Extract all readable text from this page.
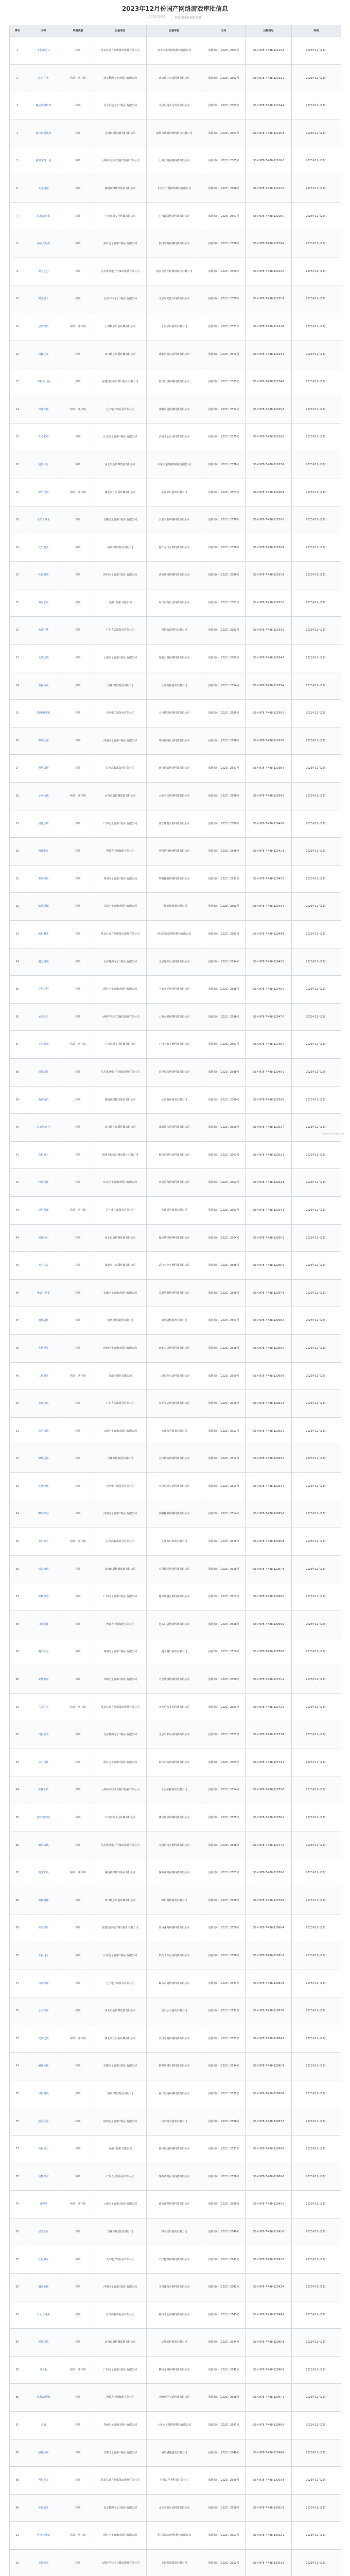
2023年12月份国产网络游戏审批信息
2023-12-22	来源:国家新闻出版署
序号	名称	申报类别	出版单位	运营单位	文号	出版物号	时间
1	不朽新纪元	移动	黑龙江北方新媒体出版社有限公司	黑龙江鑫网网络科技有限公司	国新出审〔2023〕2561号	ISBN 978-7-498-12912-5	2023年12月22日
2	拉比·卡卡	移动、客户端	北京科海电子出版社有限公司	北京晨沐互动科技有限公司	国新出审〔2023〕2562号	ISBN 978-7-498-12913-2	2023年12月22日
3	魔法战旗传奇	移动	北京伯通电子出版社有限公司	北京伯通文化发展有限公司	国新出审〔2023〕2563号	ISBN 978-7-498-12914-9	2023年12月22日
4	蓝空雷霆战机	移动	江西海视网络科技有限公司	深圳市乐游吧网络科技有限公司	国新出审〔2023〕2564号	ISBN 978-7-498-12915-6	2023年12月22日
5	我的宠物一局	移动	上海科学技术文献出版社有限公司	上海有情网络科技有限公司	国新出审〔2023〕2565号	ISBN 978-7-498-12916-3	2023年12月22日
6	天龙问道	移动	湖南新媒体出版社有限公司	长沙天行健网络科技有限公司	国新出审〔2023〕2566号	ISBN 978-7-498-12917-0	2023年12月22日
7	疯狂消消乐	移动	广州市新文化传媒有限公司	广州趣玩网络科技有限公司	国新出审〔2023〕2567号	ISBN 978-7-498-12918-7	2023年12月22日
8	萌宠大作战	移动	浙江电子音像出版社有限公司	杭州乐萌网络科技有限公司	国新出审〔2023〕2568号	ISBN 978-7-498-12919-4	2023年12月22日
9	勇士之心	移动	江苏凤凰电子音像出版社有限公司	南京星河互娱网络科技有限公司	国新出审〔2023〕2569号	ISBN 978-7-498-12920-0	2023年12月22日
10	时光旅人	移动	北京中科电子出版社有限公司	北京时光旅人科技有限公司	国新出审〔2023〕2570号	ISBN 978-7-498-12921-7	2023年12月22日
11	星辰物语	移动、客户端	上海数字出版传媒有限公司	上海星辰游戏有限公司	国新出审〔2023〕2571号	ISBN 978-7-498-12922-4	2023年12月22日
12	闪耀之光	移动	四川数字出版传媒有限公司	成都闪耀互动科技有限公司	国新出审〔2023〕2572号	ISBN 978-7-498-12923-1	2023年12月22日
13	幻想骑士团	移动	福建省海峡音像出版社有限公司	厦门幻想网络科技有限公司	国新出审〔2023〕2573号	ISBN 978-7-498-12924-8	2023年12月22日
14	奇迹大陆	移动、客户端	辽宁电子出版社有限公司	沈阳奇迹网络科技有限公司	国新出审〔2023〕2574号	ISBN 978-7-498-12925-5	2023年12月22日
15	开心农场	移动	山东电子音像出版社有限公司	济南开心互动科技有限公司	国新出审〔2023〕2575号	ISBN 978-7-498-12926-2	2023年12月22日
16	逆战三国	移动	河北出版传媒集团有限公司	石家庄逆战网络科技有限公司	国新出审〔2023〕2576号	ISBN 978-7-498-12927-9	2023年12月22日
17	梦幻花园	移动、客户端	湖北长江出版传媒有限公司	武汉梦幻游戏有限公司	国新出审〔2023〕2577号	ISBN 978-7-498-12928-6	2023年12月22日
18	火柴人战争	移动	安徽电子音像出版社有限公司	合肥火柴网络科技有限公司	国新出审〔2023〕2578号	ISBN 978-7-498-12929-3	2023年12月22日
19	元气突击	移动	重庆出版集团有限公司	重庆元气互娱科技有限公司	国新出审〔2023〕2579号	ISBN 978-7-498-12930-9	2023年12月22日
20	疾风剑客	移动	陕西电子音像出版社有限公司	西安疾风网络科技有限公司	国新出审〔2023〕2580号	ISBN 978-7-498-12931-6	2023年12月22日
21	海岛求生	移动	海南出版社有限公司	海口海岛互动科技有限公司	国新出审〔2023〕2581号	ISBN 978-7-498-12932-3	2023年12月22日
22	欢乐斗牌	移动	广东人民出版社有限公司	深圳欢乐科技有限公司	国新出审〔2023〕2582号	ISBN 978-7-498-12933-0	2023年12月22日
23	云端之城	移动	云南电子音像出版社有限公司	昆明云端网络科技有限公司	国新出审〔2023〕2583号	ISBN 978-7-498-12934-7	2023年12月22日
24	龙脉传说	移动	吉林出版集团有限公司	长春龙脉游戏有限公司	国新出审〔2023〕2584号	ISBN 978-7-498-12935-4	2023年12月22日
25	猫咪咖啡馆	移动	天津电子出版社有限公司	天津猫咪网络科技有限公司	国新出审〔2023〕2585号	ISBN 978-7-498-12936-1	2023年12月22日
26	神域征途	移动	河南电子音像出版社有限公司	郑州神域互动科技有限公司	国新出审〔2023〕2586号	ISBN 978-7-498-12937-8	2023年12月22日
27	烈焰战神	移动	江西高校出版社有限公司	南昌烈焰网络科技有限公司	国新出审〔2023〕2587号	ISBN 978-7-498-12938-5	2023年12月22日
28	小兵快跑	移动、客户端	山西出版传媒集团有限公司	太原小兵网络科技有限公司	国新出审〔2023〕2588号	ISBN 978-7-498-12939-2	2023年12月22日
29	甜蜜小镇	移动	广西电子音像出版社有限公司	南宁甜蜜互娱科技有限公司	国新出审〔2023〕2589号	ISBN 978-7-498-12940-8	2023年12月22日
30	极速赛车	移动	内蒙古出版集团有限公司	呼和浩特极速科技有限公司	国新出审〔2023〕2590号	ISBN 978-7-498-12941-5	2023年12月22日
31	像素冒险	移动	贵州电子音像出版社有限公司	贵阳像素网络科技有限公司	国新出审〔2023〕2591号	ISBN 978-7-498-12942-2	2023年12月22日
32	仙境奇缘	移动	甘肃电子音像出版社有限公司	兰州仙境游戏有限公司	国新出审〔2023〕2592号	ISBN 978-7-498-12943-9	2023年12月22日
33	暗影刺客	移动	黑龙江北方新媒体出版社有限公司	哈尔滨暗影网络科技有限公司	国新出审〔2023〕2593号	ISBN 978-7-498-12944-6	2023年12月22日
34	魔方迷城	移动	北京科海电子出版社有限公司	北京魔方互动科技有限公司	国新出审〔2023〕2594号	ISBN 978-7-498-12945-3	2023年12月22日
35	守护之塔	移动	浙江电子音像出版社有限公司	宁波守护网络科技有限公司	国新出审〔2023〕2595号	ISBN 978-7-498-12946-0	2023年12月22日
36	水果大亨	移动	上海科学技术文献出版社有限公司	上海水果网络科技有限公司	国新出审〔2023〕2596号	ISBN 978-7-498-12947-7	2023年12月22日
37	王者荣光	移动、客户端	广州市新文化传媒有限公司	广州王者互娱科技有限公司	国新出审〔2023〕2597号	ISBN 978-7-498-12948-4	2023年12月22日
38	星际远征	移动	江苏凤凰电子音像出版社有限公司	苏州星际网络科技有限公司	国新出审〔2023〕2598号	ISBN 978-7-498-12949-1	2023年12月22日
39	萌萌消消	移动	湖南新媒体出版社有限公司	长沙萌萌游戏有限公司	国新出审〔2023〕2599号	ISBN 978-7-498-12950-7	2023年12月22日
40	江湖侠客行	移动	四川数字出版传媒有限公司	成都侠客网络科技有限公司	国新出审〔2023〕2600号	ISBN 978-7-498-12951-4	2023年12月22日
41	荒野猎人	移动	福建省海峡音像出版社有限公司	福州荒野互动科技有限公司	国新出审〔2023〕2601号	ISBN 978-7-498-12952-1	2023年12月22日
42	钓鱼大师	移动	山东电子音像出版社有限公司	青岛钓鱼网络科技有限公司	国新出审〔2023〕2602号	ISBN 978-7-498-12953-8	2023年12月22日
43	机甲风暴	移动、客户端	辽宁电子出版社有限公司	大连机甲游戏有限公司	国新出审〔2023〕2603号	ISBN 978-7-498-12954-5	2023年12月22日
44	妖怪宝可	移动	河北出版传媒集团有限公司	保定妖怪网络科技有限公司	国新出审〔2023〕2604号	ISBN 978-7-498-12955-2	2023年12月22日
45	天空之岛	移动	湖北长江出版传媒有限公司	武汉天空互娱科技有限公司	国新出审〔2023〕2605号	ISBN 978-7-498-12956-9	2023年12月22日
46	勇者斗恶龙	移动	安徽电子音像出版社有限公司	芜湖勇者网络科技有限公司	国新出审〔2023〕2606号	ISBN 978-7-498-12957-6	2023年12月22日
47	超级厨师	移动	重庆出版集团有限公司	重庆厨师游戏有限公司	国新出审〔2023〕2607号	ISBN 978-7-498-12958-3	2023年12月22日
48	方块世界	移动	陕西电子音像出版社有限公司	西安方块网络科技有限公司	国新出审〔2023〕2608号	ISBN 978-7-498-12959-0	2023年12月22日
49	三国群英	移动、客户端	海南出版社有限公司	三亚群英互动科技有限公司	国新出审〔2023〕2609号	ISBN 978-7-498-12960-6	2023年12月22日
50	幸运转盘	移动	广东人民出版社有限公司	东莞幸运网络科技有限公司	国新出审〔2023〕2610号	ISBN 978-7-498-12961-3	2023年12月22日
51	冰雪奇境	移动	云南电子音像出版社有限公司	大理冰雪游戏有限公司	国新出审〔2023〕2611号	ISBN 978-7-498-12962-0	2023年12月22日
52	修仙之路	移动	吉林出版集团有限公司	吉林修仙网络科技有限公司	国新出审〔2023〕2612号	ISBN 978-7-498-12963-7	2023年12月22日
53	足球经理	移动	天津电子出版社有限公司	天津足球互动科技有限公司	国新出审〔2023〕2613号	ISBN 978-7-498-12964-4	2023年12月22日
54	糖果派对	移动	河南电子音像出版社有限公司	洛阳糖果网络科技有限公司	国新出审〔2023〕2614号	ISBN 978-7-498-12965-1	2023年12月22日
55	末日求生	移动、客户端	江西高校出版社有限公司	九江末日游戏有限公司	国新出审〔2023〕2615号	ISBN 978-7-498-12966-8	2023年12月22日
56	精灵物语	移动	山西出版传媒集团有限公司	大同精灵网络科技有限公司	国新出审〔2023〕2616号	ISBN 978-7-498-12967-5	2023年12月22日
57	战舰世界	移动	广西电子音像出版社有限公司	桂林战舰互娱科技有限公司	国新出审〔2023〕2617号	ISBN 978-7-498-12968-2	2023年12月22日
58	口袋英雄	移动	内蒙古出版集团有限公司	包头口袋网络科技有限公司	国新出审〔2023〕2618号	ISBN 978-7-498-12969-9	2023年12月22日
59	魔幻纪元	移动	贵州电子音像出版社有限公司	遵义魔幻游戏有限公司	国新出审〔2023〕2619号	ISBN 978-7-498-12970-5	2023年12月22日
60	梦想家园	移动	甘肃电子音像出版社有限公司	天水梦想网络科技有限公司	国新出审〔2023〕2620号	ISBN 978-7-498-12971-2	2023年12月22日
61	飞龙在天	移动、客户端	黑龙江北方新媒体出版社有限公司	齐齐哈尔飞龙科技有限公司	国新出审〔2023〕2621号	ISBN 978-7-498-12972-9	2023年12月22日
62	幻影忍者	移动	北京科海电子出版社有限公司	北京幻影互动科技有限公司	国新出审〔2023〕2622号	ISBN 978-7-498-12973-6	2023年12月22日
63	宝石迷阵	移动	浙江电子音像出版社有限公司	温州宝石网络科技有限公司	国新出审〔2023〕2623号	ISBN 978-7-498-12974-3	2023年12月22日
64	武林外传	移动	上海科学技术文献出版社有限公司	上海武林游戏有限公司	国新出审〔2023〕2624号	ISBN 978-7-498-12975-0	2023年12月22日
65	城市建造师	移动	广州市新文化传媒有限公司	佛山城市网络科技有限公司	国新出审〔2023〕2625号	ISBN 978-7-498-12976-7	2023年12月22日
66	银河战线	移动	江苏凤凰电子音像出版社有限公司	无锡银河互娱科技有限公司	国新出审〔2023〕2626号	ISBN 978-7-498-12977-4	2023年12月22日
67	萌宠农场	移动、客户端	湖南新媒体出版社有限公司	株洲萌宠网络科技有限公司	国新出审〔2023〕2627号	ISBN 978-7-498-12978-1	2023年12月22日
68	剑侠情缘	移动	四川数字出版传媒有限公司	绵阳剑侠游戏有限公司	国新出审〔2023〕2628号	ISBN 978-7-498-12979-8	2023年12月22日
69	深海探险	移动	福建省海峡音像出版社有限公司	泉州深海网络科技有限公司	国新出审〔2023〕2629号	ISBN 978-7-498-12980-4	2023年12月22日
70	全民飞车	移动	山东电子音像出版社有限公司	烟台飞车互动科技有限公司	国新出审〔2023〕2630号	ISBN 978-7-498-12981-1	2023年12月22日
71	古剑奇谭	移动	辽宁电子出版社有限公司	鞍山古剑网络科技有限公司	国新出审〔2023〕2631号	ISBN 978-7-498-12982-8	2023年12月22日
72	小小军团	移动	河北出版传媒集团有限公司	唐山小小游戏有限公司	国新出审〔2023〕2632号	ISBN 978-7-498-12983-5	2023年12月22日
73	光明之战	移动、客户端	湖北长江出版传媒有限公司	宜昌光明网络科技有限公司	国新出审〔2023〕2633号	ISBN 978-7-498-12984-2	2023年12月22日
74	麻将大师	移动	安徽电子音像出版社有限公司	蚌埠麻将互娱科技有限公司	国新出审〔2023〕2634号	ISBN 978-7-498-12985-9	2023年12月22日
75	冒险岛屿	移动	重庆出版集团有限公司	重庆岛屿网络科技有限公司	国新出审〔2023〕2635号	ISBN 978-7-498-12986-6	2023年12月22日
76	指尖乐园	移动	陕西电子音像出版社有限公司	宝鸡指尖游戏有限公司	国新出审〔2023〕2636号	ISBN 978-7-498-12987-3	2023年12月22日
77	战国风云	移动	海南出版社有限公司	儋州战国网络科技有限公司	国新出审〔2023〕2637号	ISBN 978-7-498-12988-0	2023年12月22日
78	动物派对	移动	广东人民出版社有限公司	珠海动物互动科技有限公司	国新出审〔2023〕2638号	ISBN 978-7-498-12989-7	2023年12月22日
79	弹弹堂	移动、客户端	云南电子音像出版社有限公司	曲靖弹弹网络科技有限公司	国新出审〔2023〕2639号	ISBN 978-7-498-12990-3	2023年12月22日
80	星语心愿	移动	吉林出版集团有限公司	四平星语游戏有限公司	国新出审〔2023〕2640号	ISBN 978-7-498-12991-0	2023年12月22日
81	狂野飙车	移动	天津电子出版社有限公司	天津狂野网络科技有限公司	国新出审〔2023〕2641号	ISBN 978-7-498-12992-7	2023年12月22日
82	魔兽争锋	移动	河南电子音像出版社有限公司	开封魔兽互娱科技有限公司	国新出审〔2023〕2642号	ISBN 978-7-498-12993-4	2023年12月22日
83	开心斗地主	移动	江西高校出版社有限公司	赣州开心网络科技有限公司	国新出审〔2023〕2643号	ISBN 978-7-498-12994-1	2023年12月22日
84	悠悠小镇	移动	山西出版传媒集团有限公司	运城悠悠游戏有限公司	国新出审〔2023〕2644号	ISBN 978-7-498-12995-8	2023年12月22日
85	龙之谷	移动、客户端	广西电子音像出版社有限公司	柳州龙谷网络科技有限公司	国新出审〔2023〕2645号	ISBN 978-7-498-12996-5	2023年12月22日
86	疯狂动物城	移动	内蒙古出版集团有限公司	赤峰疯狂互动科技有限公司	国新出审〔2023〕2646号	ISBN 978-7-498-12997-2	2023年12月22日
87	灵域	移动	贵州电子音像出版社有限公司	六盘水灵域网络科技有限公司	国新出审〔2023〕2647号	ISBN 978-7-498-12998-9	2023年12月22日
88	猎魔传说	移动	甘肃电子音像出版社有限公司	酒泉猎魔游戏有限公司	国新出审〔2023〕2648号	ISBN 978-7-498-12999-6	2023年12月22日
89	创世纪元	移动	黑龙江北方新媒体出版社有限公司	牡丹江创世科技有限公司	国新出审〔2023〕2649号	ISBN 978-7-498-13000-8	2023年12月22日
90	幸福农庄	移动	北京科海电子出版社有限公司	北京幸福互动科技有限公司	国新出审〔2023〕2650号	ISBN 978-7-498-13001-5	2023年12月22日
91	异次元战记	移动、客户端	浙江电子音像出版社有限公司	绍兴异次元网络科技有限公司	国新出审〔2023〕2651号	ISBN 978-7-498-13002-2	2023年12月22日
92	雷霆突击	移动	上海科学技术文献出版社有限公司	上海雷霆游戏有限公司	国新出审〔2023〕2652号	ISBN 978-7-498-13003-9	2023年12月22日

www.bcsbsb.com
